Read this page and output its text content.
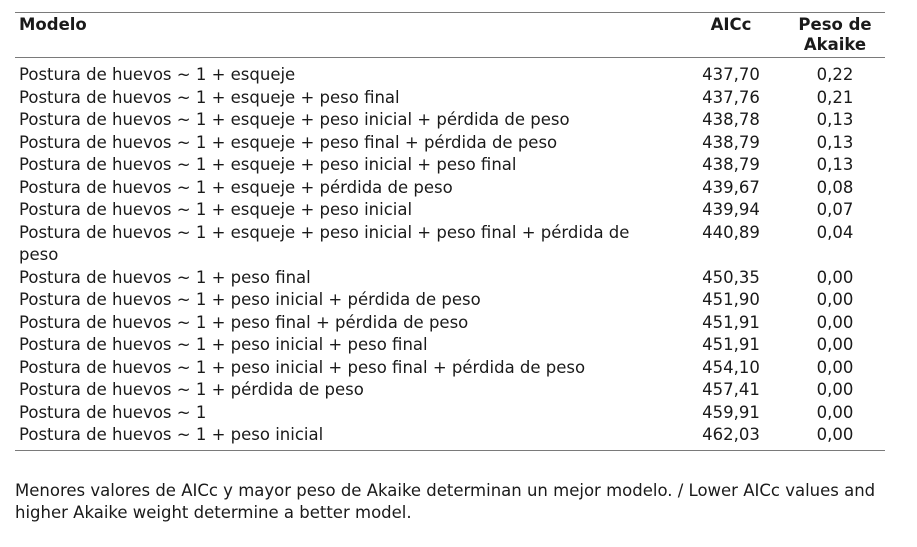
Modelo	AICc	Peso de Akaike
Postura de huevos ~ 1 + esqueje	437,70	0,22
Postura de huevos ~ 1 + esqueje + peso final	437,76	0,21
Postura de huevos ~ 1 + esqueje + peso inicial + pérdida de peso	438,78	0,13
Postura de huevos ~ 1 + esqueje + peso final + pérdida de peso	438,79	0,13
Postura de huevos ~ 1 + esqueje + peso inicial + peso final	438,79	0,13
Postura de huevos ~ 1 + esqueje + pérdida de peso	439,67	0,08
Postura de huevos ~ 1 + esqueje + peso inicial	439,94	0,07
Postura de huevos ~ 1 + esqueje + peso inicial + peso final + pérdida de peso	440,89	0,04
Postura de huevos ~ 1 + peso final	450,35	0,00
Postura de huevos ~ 1 + peso inicial + pérdida de peso	451,90	0,00
Postura de huevos ~ 1 + peso final + pérdida de peso	451,91	0,00
Postura de huevos ~ 1 + peso inicial + peso final	451,91	0,00
Postura de huevos ~ 1 + peso inicial + peso final + pérdida de peso	454,10	0,00
Postura de huevos ~ 1 + pérdida de peso	457,41	0,00
Postura de huevos ~ 1	459,91	0,00
Postura de huevos ~ 1 + peso inicial	462,03	0,00
Menores valores de AICc y mayor peso de Akaike determinan un mejor modelo. / Lower AICc values and higher Akaike weight determine a better model.
